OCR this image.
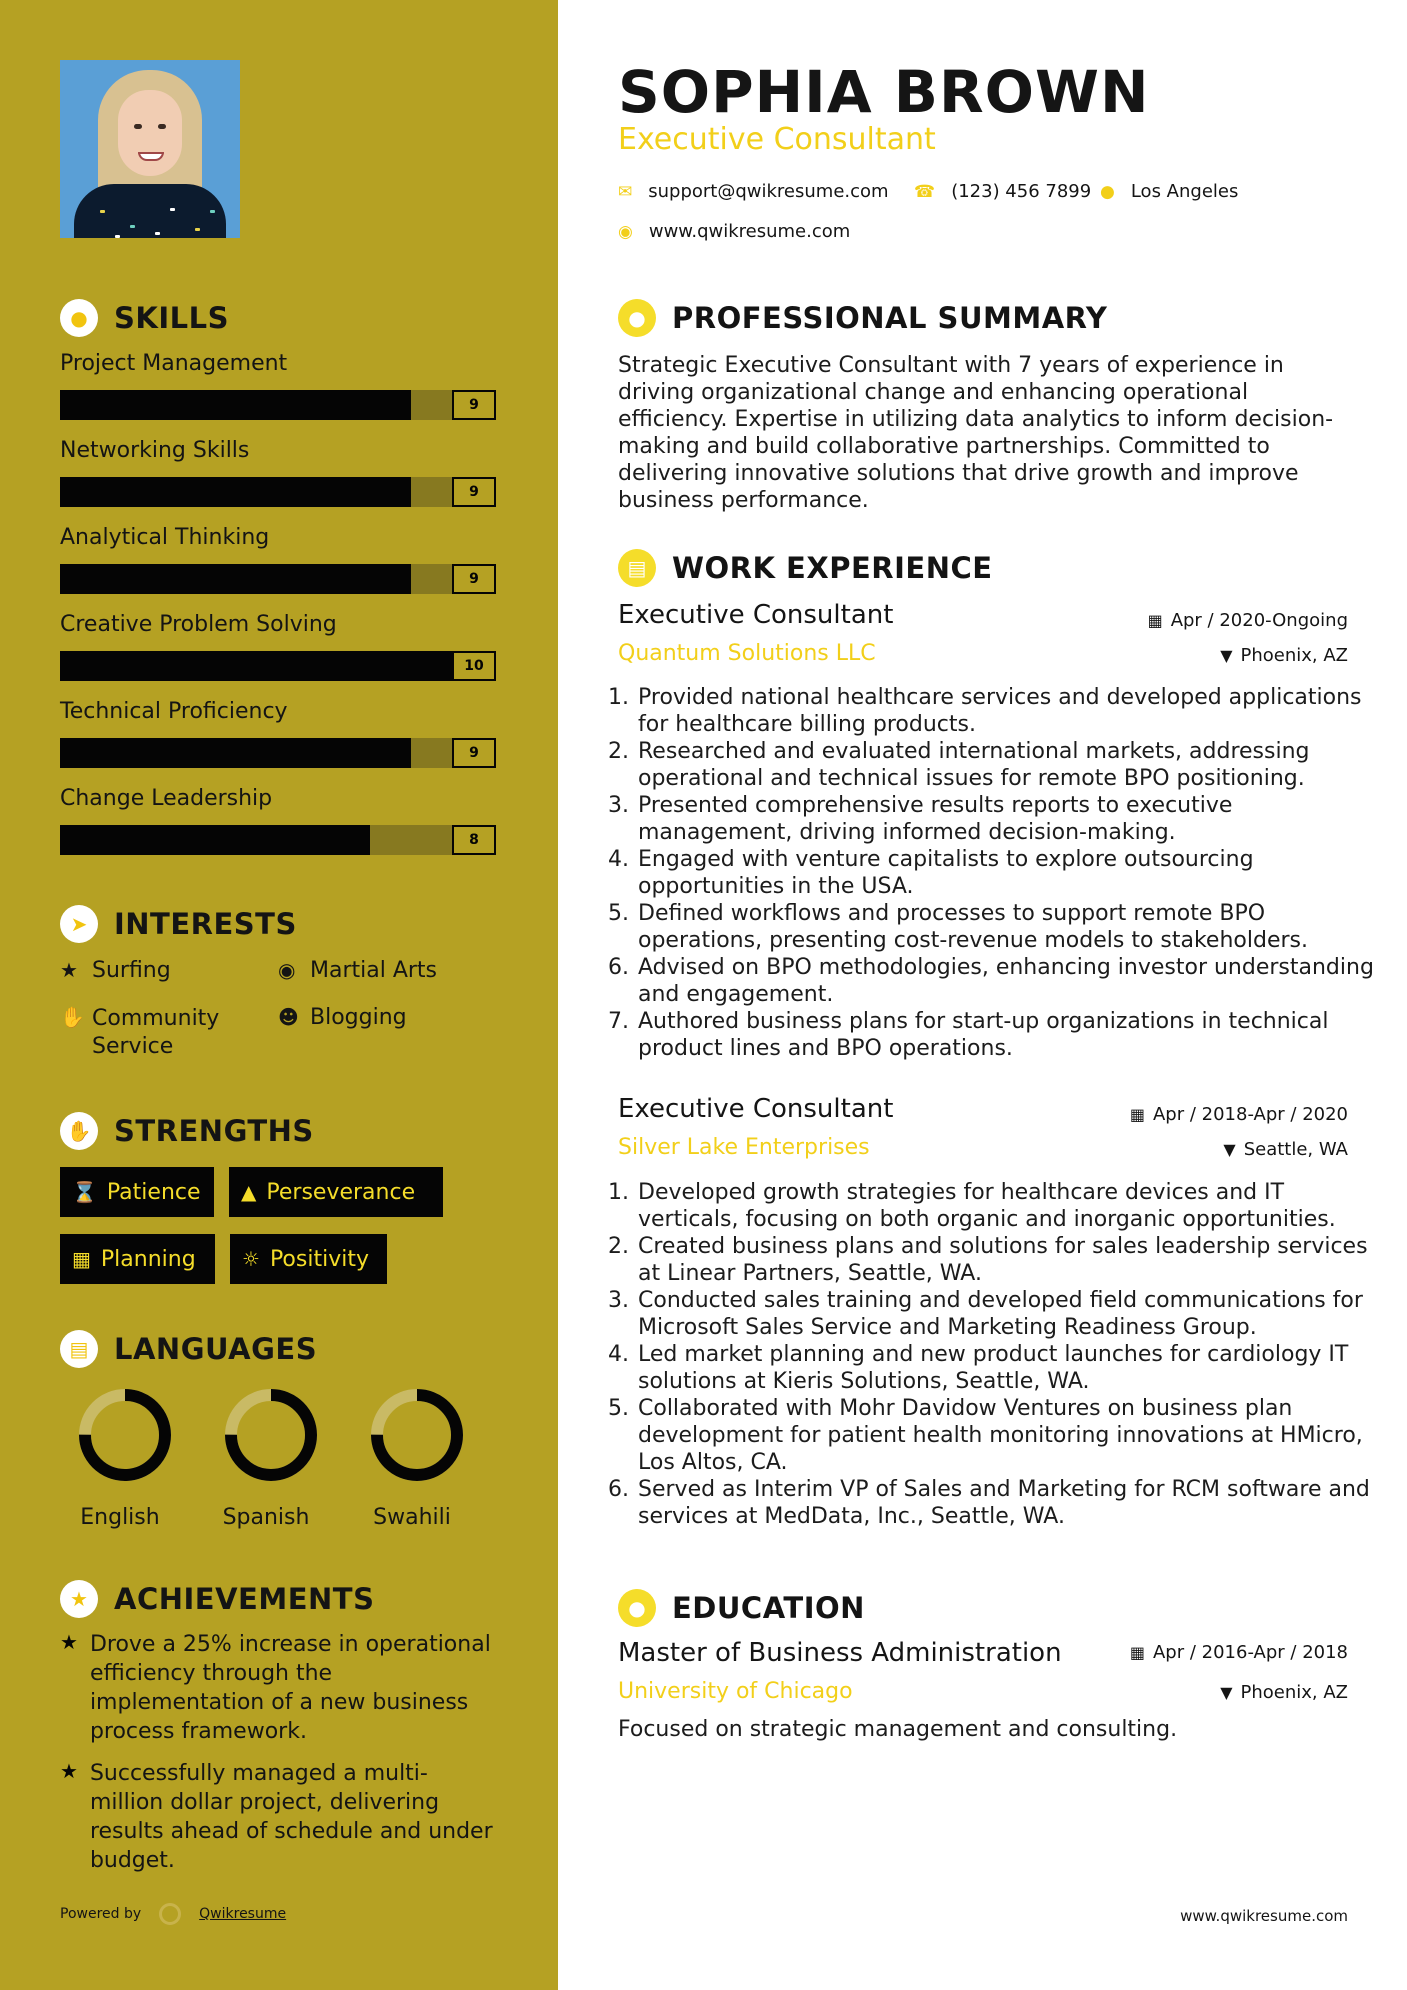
● SKILLS
Project Management
9
Networking Skills
9
Analytical Thinking
9
Creative Problem Solving
10
Technical Proficiency
9
Change Leadership
8
➤ INTERESTS
★ Surfing	◉ Martial Arts
✋ Community Service
☻ Blogging
✋ STRENGTHS
⌛ Patience ▲ Perseverance
▦ Planning ☼ Positivity
▤ LANGUAGES
English	Spanish	Swahili
★ ACHIEVEMENTS
★ Drove a 25% increase in operational efficiency through the implementation of a new business process framework.
★ Successfully managed a multi-million dollar project, delivering results ahead of schedule and under budget.
Powered by	Qwikresume
SOPHIA BROWN
Executive Consultant
✉ support@qwikresume.com ☎ (123) 456 7899 ● Los Angeles
◉ www.qwikresume.com
● PROFESSIONAL SUMMARY
Strategic Executive Consultant with 7 years of experience in driving organizational change and enhancing operational efficiency. Expertise in utilizing data analytics to inform decision-making and build collaborative partnerships. Committed to delivering innovative solutions that drive growth and improve business performance.
▤ WORK EXPERIENCE
Executive Consultant	▦ Apr / 2020-Ongoing
Quantum Solutions LLC	▼ Phoenix, AZ
1. Provided national healthcare services and developed applications for healthcare billing products.
2. Researched and evaluated international markets, addressing operational and technical issues for remote BPO positioning.
3. Presented comprehensive results reports to executive management, driving informed decision-making.
4. Engaged with venture capitalists to explore outsourcing opportunities in the USA.
5. Defined workflows and processes to support remote BPO operations, presenting cost-revenue models to stakeholders.
6. Advised on BPO methodologies, enhancing investor understanding and engagement.
7. Authored business plans for start-up organizations in technical product lines and BPO operations.
Executive Consultant	▦ Apr / 2018-Apr / 2020
Silver Lake Enterprises	▼ Seattle, WA
1. Developed growth strategies for healthcare devices and IT verticals, focusing on both organic and inorganic opportunities.
2. Created business plans and solutions for sales leadership services at Linear Partners, Seattle, WA.
3. Conducted sales training and developed field communications for Microsoft Sales Service and Marketing Readiness Group.
4. Led market planning and new product launches for cardiology IT solutions at Kieris Solutions, Seattle, WA.
5. Collaborated with Mohr Davidow Ventures on business plan development for patient health monitoring innovations at HMicro, Los Altos, CA.
6. Served as Interim VP of Sales and Marketing for RCM software and services at MedData, Inc., Seattle, WA.
● EDUCATION
Master of Business Administration	▦ Apr / 2016-Apr / 2018
University of Chicago	▼ Phoenix, AZ
Focused on strategic management and consulting.
www.qwikresume.com
